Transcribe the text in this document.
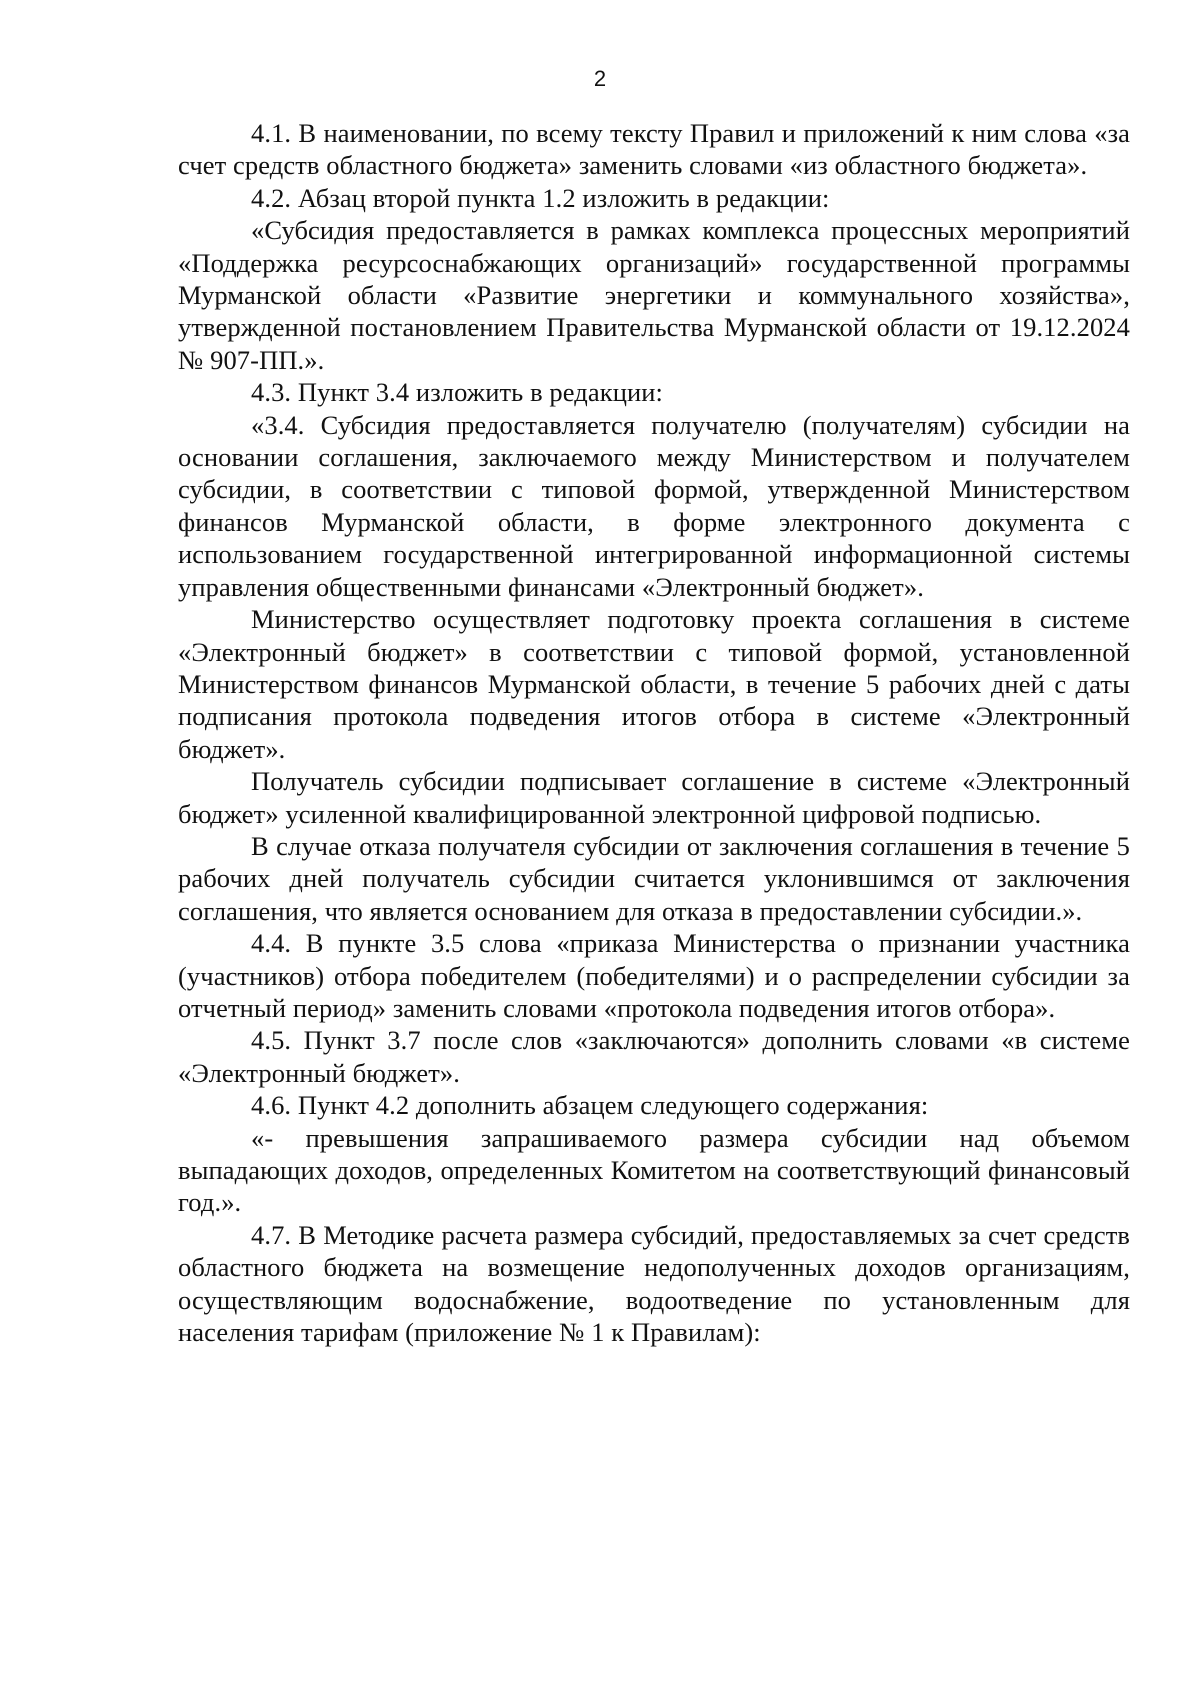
2

4.1. В наименовании, по всему тексту Правил и приложений к ним слова «за счет средств областного бюджета» заменить словами «из областного бюджета».

4.2. Абзац второй пункта 1.2 изложить в редакции:

«Субсидия предоставляется в рамках комплекса процессных мероприятий «Поддержка ресурсоснабжающих организаций» государственной программы Мурманской области «Развитие энергетики и коммунального хозяйства», утвержденной постановлением Правительства Мурманской области от 19.12.2024 № 907-ПП.».

4.3. Пункт 3.4 изложить в редакции:

«3.4. Субсидия предоставляется получателю (получателям) субсидии на основании соглашения, заключаемого между Министерством и получателем субсидии, в соответствии с типовой формой, утвержденной Министерством финансов Мурманской области, в форме электронного документа с использованием государственной интегрированной информационной системы управления общественными финансами «Электронный бюджет».

Министерство осуществляет подготовку проекта соглашения в системе «Электронный бюджет» в соответствии с типовой формой, установленной Министерством финансов Мурманской области, в течение 5 рабочих дней с даты подписания протокола подведения итогов отбора в системе «Электронный бюджет».

Получатель субсидии подписывает соглашение в системе «Электронный бюджет» усиленной квалифицированной электронной цифровой подписью.

В случае отказа получателя субсидии от заключения соглашения в течение 5 рабочих дней получатель субсидии считается уклонившимся от заключения соглашения, что является основанием для отказа в предоставлении субсидии.».

4.4. В пункте 3.5 слова «приказа Министерства о признании участника (участников) отбора победителем (победителями) и о распределении субсидии за отчетный период» заменить словами «протокола подведения итогов отбора».

4.5. Пункт 3.7 после слов «заключаются» дополнить словами «в системе «Электронный бюджет».

4.6. Пункт 4.2 дополнить абзацем следующего содержания:

«- превышения запрашиваемого размера субсидии над объемом выпадающих доходов, определенных Комитетом на соответствующий финансовый год.».

4.7. В Методике расчета размера субсидий, предоставляемых за счет средств областного бюджета на возмещение недополученных доходов организациям, осуществляющим водоснабжение, водоотведение по установленным для населения тарифам (приложение № 1 к Правилам):
